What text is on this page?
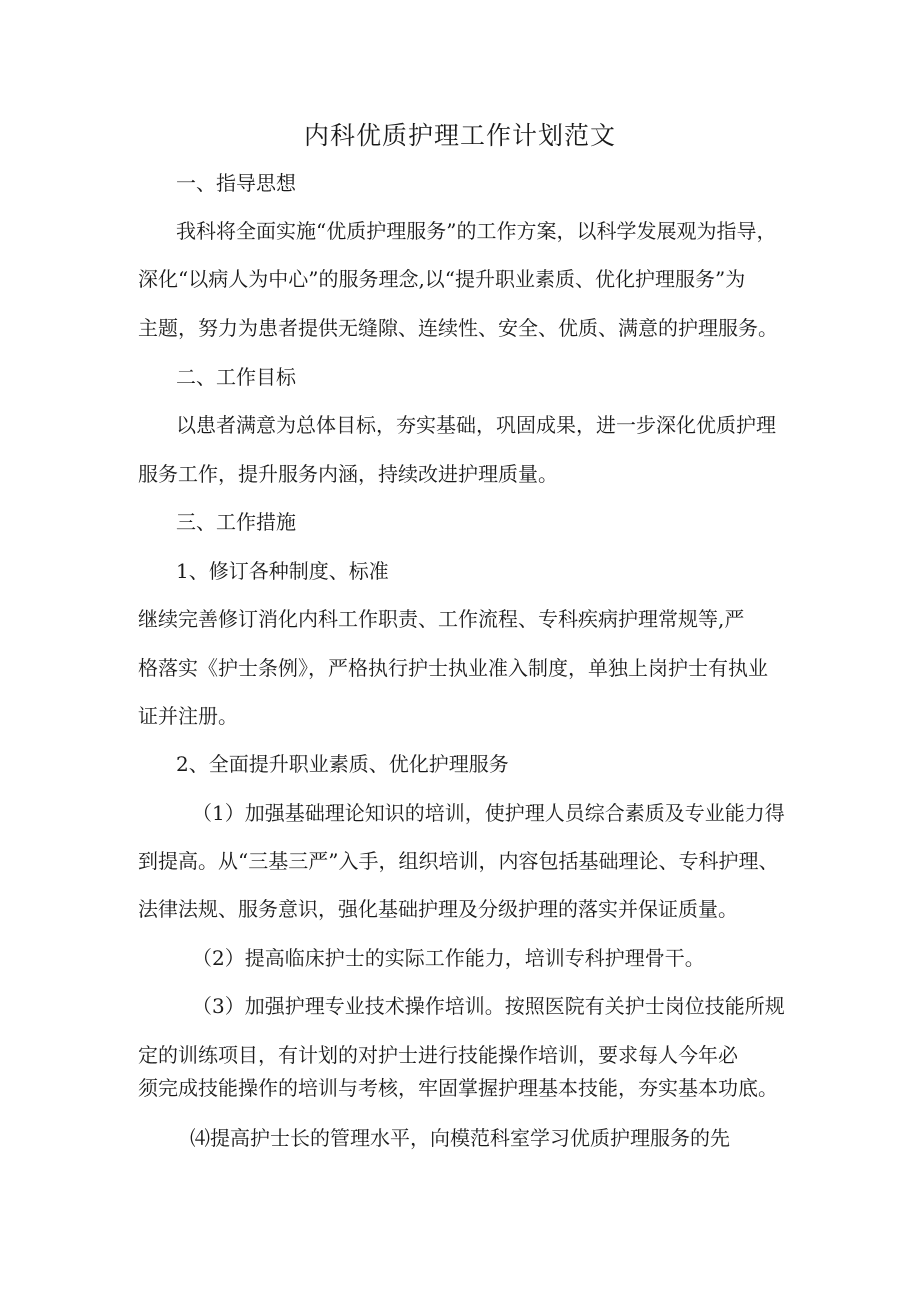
内科优质护理工作计划范文
一、指导思想
我科将全面实施“优质护理服务”的工作方案，以科学发展观为指导，
深化“以病人为中心”的服务理念,以“提升职业素质、优化护理服务”为
主题，努力为患者提供无缝隙、连续性、安全、优质、满意的护理服务。
二、工作目标
以患者满意为总体目标，夯实基础，巩固成果，进一步深化优质护理
服务工作，提升服务内涵，持续改进护理质量。
三、工作措施
1、修订各种制度、标准
继续完善修订消化内科工作职责、工作流程、专科疾病护理常规等,严
格落实《护士条例》，严格执行护士执业准入制度，单独上岗护士有执业
证并注册。
2、全面提升职业素质、优化护理服务
（1）加强基础理论知识的培训，使护理人员综合素质及专业能力得
到提高。从“三基三严”入手，组织培训，内容包括基础理论、专科护理、
法律法规、服务意识，强化基础护理及分级护理的落实并保证质量。
（2）提高临床护士的实际工作能力，培训专科护理骨干。
（3）加强护理专业技术操作培训。按照医院有关护士岗位技能所规
定的训练项目，有计划的对护士进行技能操作培训，要求每人今年必
须完成技能操作的培训与考核，牢固掌握护理基本技能，夯实基本功底。
⑷提高护士长的管理水平，向模范科室学习优质护理服务的先
